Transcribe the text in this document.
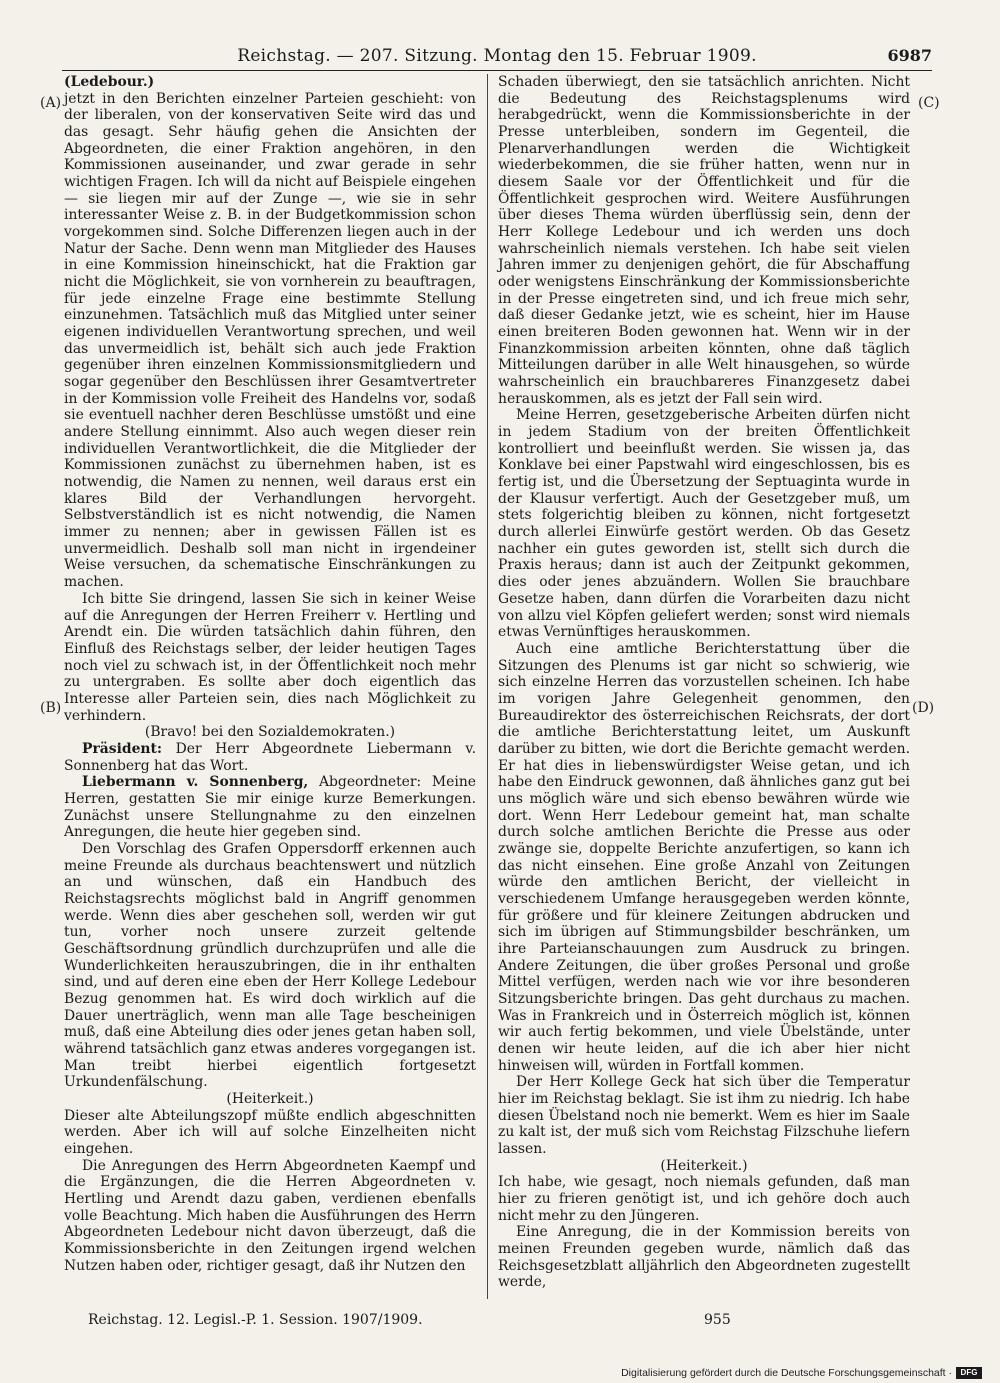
Reichstag. — 207. Sitzung. Montag den 15. Februar 1909.	6987
(A)
(B)
(C)
(D)

(Ledebour.)

jetzt in den Berichten einzelner Parteien geschieht: von der liberalen, von der konservativen Seite wird das und das gesagt. Sehr häufig gehen die Ansichten der Abgeordneten, die einer Fraktion angehören, in den Kommissionen auseinander, und zwar gerade in sehr wichtigen Fragen. Ich will da nicht auf Beispiele eingehen — sie liegen mir auf der Zunge —, wie sie in sehr interessanter Weise z. B. in der Budgetkommission schon vorgekommen sind. Solche Differenzen liegen auch in der Natur der Sache. Denn wenn man Mitglieder des Hauses in eine Kommission hineinschickt, hat die Fraktion gar nicht die Möglichkeit, sie von vornherein zu beauftragen, für jede einzelne Frage eine bestimmte Stellung einzunehmen. Tatsächlich muß das Mitglied unter seiner eigenen individuellen Verantwortung sprechen, und weil das unvermeidlich ist, behält sich auch jede Fraktion gegenüber ihren einzelnen Kommissionsmitgliedern und sogar gegenüber den Beschlüssen ihrer Gesamtvertreter in der Kommission volle Freiheit des Handelns vor, sodaß sie eventuell nachher deren Beschlüsse umstößt und eine andere Stellung einnimmt. Also auch wegen dieser rein individuellen Verantwortlichkeit, die die Mitglieder der Kommissionen zunächst zu übernehmen haben, ist es notwendig, die Namen zu nennen, weil daraus erst ein klares Bild der Verhandlungen hervorgeht. Selbstverständlich ist es nicht notwendig, die Namen immer zu nennen; aber in gewissen Fällen ist es unvermeidlich. Deshalb soll man nicht in irgendeiner Weise versuchen, da schematische Einschränkungen zu machen.

Ich bitte Sie dringend, lassen Sie sich in keiner Weise auf die Anregungen der Herren Freiherr v. Hertling und Arendt ein. Die würden tatsächlich dahin führen, den Einfluß des Reichstags selber, der leider heutigen Tages noch viel zu schwach ist, in der Öffentlichkeit noch mehr zu untergraben. Es sollte aber doch eigentlich das Interesse aller Parteien sein, dies nach Möglichkeit zu verhindern.

(Bravo! bei den Sozialdemokraten.)

Präsident: Der Herr Abgeordnete Liebermann v. Sonnenberg hat das Wort.

Liebermann v. Sonnenberg, Abgeordneter: Meine Herren, gestatten Sie mir einige kurze Bemerkungen. Zunächst unsere Stellungnahme zu den einzelnen Anregungen, die heute hier gegeben sind.

Den Vorschlag des Grafen Oppersdorff erkennen auch meine Freunde als durchaus beachtenswert und nützlich an und wünschen, daß ein Handbuch des Reichstagsrechts möglichst bald in Angriff genommen werde. Wenn dies aber geschehen soll, werden wir gut tun, vorher noch unsere zurzeit geltende Geschäftsordnung gründlich durchzuprüfen und alle die Wunderlichkeiten herauszubringen, die in ihr enthalten sind, und auf deren eine eben der Herr Kollege Ledebour Bezug genommen hat. Es wird doch wirklich auf die Dauer unerträglich, wenn man alle Tage bescheinigen muß, daß eine Abteilung dies oder jenes getan haben soll, während tatsächlich ganz etwas anderes vorgegangen ist. Man treibt hierbei eigentlich fortgesetzt Urkundenfälschung.

(Heiterkeit.)

Dieser alte Abteilungszopf müßte endlich abgeschnitten werden. Aber ich will auf solche Einzelheiten nicht eingehen.

Die Anregungen des Herrn Abgeordneten Kaempf und die Ergänzungen, die die Herren Abgeordneten v. Hertling und Arendt dazu gaben, verdienen ebenfalls volle Beachtung. Mich haben die Ausführungen des Herrn Abgeordneten Ledebour nicht davon überzeugt, daß die Kommissionsberichte in den Zeitungen irgend welchen Nutzen haben oder, richtiger gesagt, daß ihr Nutzen den

Schaden überwiegt, den sie tatsächlich anrichten. Nicht die Bedeutung des Reichstagsplenums wird herabgedrückt, wenn die Kommissionsberichte in der Presse unterbleiben, sondern im Gegenteil, die Plenarverhandlungen werden die Wichtigkeit wiederbekommen, die sie früher hatten, wenn nur in diesem Saale vor der Öffentlichkeit und für die Öffentlichkeit gesprochen wird. Weitere Ausführungen über dieses Thema würden überflüssig sein, denn der Herr Kollege Ledebour und ich werden uns doch wahrscheinlich niemals verstehen. Ich habe seit vielen Jahren immer zu denjenigen gehört, die für Abschaffung oder wenigstens Einschränkung der Kommissionsberichte in der Presse eingetreten sind, und ich freue mich sehr, daß dieser Gedanke jetzt, wie es scheint, hier im Hause einen breiteren Boden gewonnen hat. Wenn wir in der Finanzkommission arbeiten könnten, ohne daß täglich Mitteilungen darüber in alle Welt hinausgehen, so würde wahrscheinlich ein brauchbareres Finanzgesetz dabei herauskommen, als es jetzt der Fall sein wird.

Meine Herren, gesetzgeberische Arbeiten dürfen nicht in jedem Stadium von der breiten Öffentlichkeit kontrolliert und beeinflußt werden. Sie wissen ja, das Konklave bei einer Papstwahl wird eingeschlossen, bis es fertig ist, und die Übersetzung der Septuaginta wurde in der Klausur verfertigt. Auch der Gesetzgeber muß, um stets folgerichtig bleiben zu können, nicht fortgesetzt durch allerlei Einwürfe gestört werden. Ob das Gesetz nachher ein gutes geworden ist, stellt sich durch die Praxis heraus; dann ist auch der Zeitpunkt gekommen, dies oder jenes abzuändern. Wollen Sie brauchbare Gesetze haben, dann dürfen die Vorarbeiten dazu nicht von allzu viel Köpfen geliefert werden; sonst wird niemals etwas Vernünftiges herauskommen.

Auch eine amtliche Berichterstattung über die Sitzungen des Plenums ist gar nicht so schwierig, wie sich einzelne Herren das vorzustellen scheinen. Ich habe im vorigen Jahre Gelegenheit genommen, den Bureaudirektor des österreichischen Reichsrats, der dort die amtliche Berichterstattung leitet, um Auskunft darüber zu bitten, wie dort die Berichte gemacht werden. Er hat dies in liebenswürdigster Weise getan, und ich habe den Eindruck gewonnen, daß ähnliches ganz gut bei uns möglich wäre und sich ebenso bewähren würde wie dort. Wenn Herr Ledebour gemeint hat, man schalte durch solche amtlichen Berichte die Presse aus oder zwänge sie, doppelte Berichte anzufertigen, so kann ich das nicht einsehen. Eine große Anzahl von Zeitungen würde den amtlichen Bericht, der vielleicht in verschiedenem Umfange herausgegeben werden könnte, für größere und für kleinere Zeitungen abdrucken und sich im übrigen auf Stimmungsbilder beschränken, um ihre Parteianschauungen zum Ausdruck zu bringen. Andere Zeitungen, die über großes Personal und große Mittel verfügen, werden nach wie vor ihre besonderen Sitzungsberichte bringen. Das geht durchaus zu machen. Was in Frankreich und in Österreich möglich ist, können wir auch fertig bekommen, und viele Übelstände, unter denen wir heute leiden, auf die ich aber hier nicht hinweisen will, würden in Fortfall kommen.

Der Herr Kollege Geck hat sich über die Temperatur hier im Reichstag beklagt. Sie ist ihm zu niedrig. Ich habe diesen Übelstand noch nie bemerkt. Wem es hier im Saale zu kalt ist, der muß sich vom Reichstag Filzschuhe liefern lassen.

(Heiterkeit.)

Ich habe, wie gesagt, noch niemals gefunden, daß man hier zu frieren genötigt ist, und ich gehöre doch auch nicht mehr zu den Jüngeren.

Eine Anregung, die in der Kommission bereits von meinen Freunden gegeben wurde, nämlich daß das Reichsgesetzblatt alljährlich den Abgeordneten zugestellt werde,

Reichstag. 12. Legisl.-P. 1. Session. 1907/1909.	955
Digitalisierung gefördert durch die Deutsche Forschungsgemeinschaft ·	DFG
